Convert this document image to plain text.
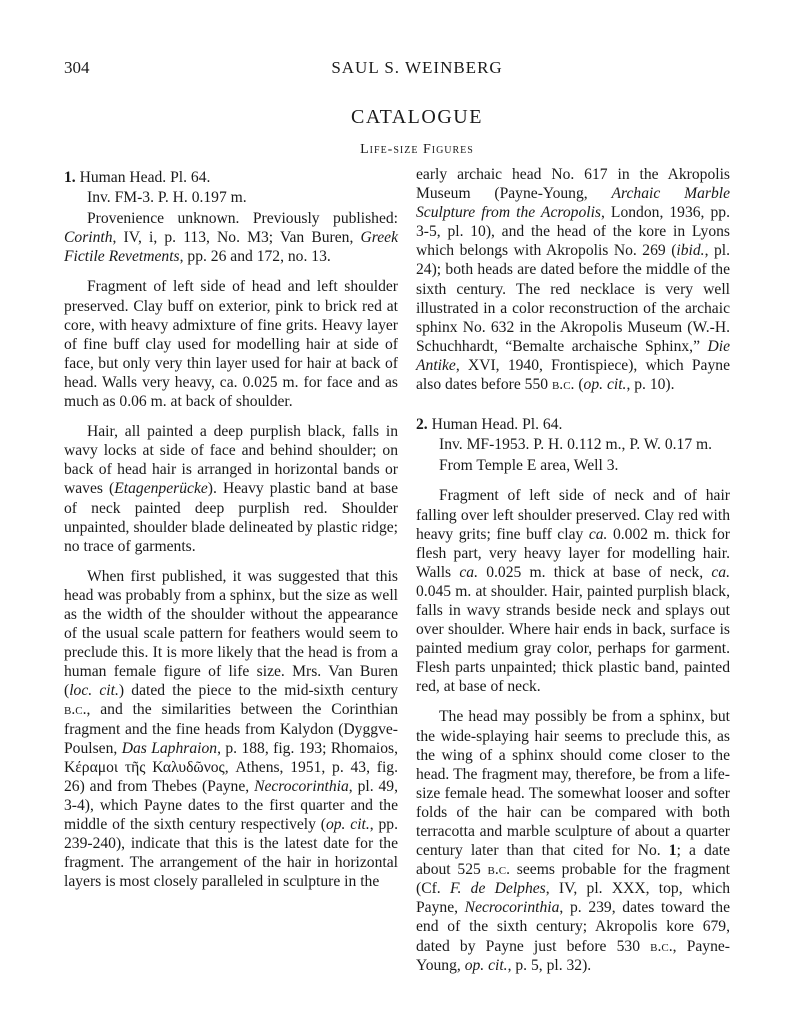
304	SAUL S. WEINBERG
CATALOGUE
Life-size Figures

1. Human Head. Pl. 64.

Inv. FM-3. P. H. 0.197 m.

Provenience unknown. Previously published: Corinth, IV, i, p. 113, No. M3; Van Buren, Greek Fictile Revetments, pp. 26 and 172, no. 13.

Fragment of left side of head and left shoulder preserved. Clay buff on exterior, pink to brick red at core, with heavy admixture of fine grits. Heavy layer of fine buff clay used for modelling hair at side of face, but only very thin layer used for hair at back of head. Walls very heavy, ca. 0.025 m. for face and as much as 0.06 m. at back of shoulder.

Hair, all painted a deep purplish black, falls in wavy locks at side of face and behind shoulder; on back of head hair is arranged in horizontal bands or waves (Etagenperücke). Heavy plastic band at base of neck painted deep purplish red. Shoulder unpainted, shoulder blade delineated by plastic ridge; no trace of garments.

When first published, it was suggested that this head was probably from a sphinx, but the size as well as the width of the shoulder without the appearance of the usual scale pattern for feathers would seem to preclude this. It is more likely that the head is from a human female figure of life size. Mrs. Van Buren (loc. cit.) dated the piece to the mid-sixth century b.c., and the similarities between the Corinthian fragment and the fine heads from Kalydon (Dyggve-Poulsen, Das Laphraion, p. 188, fig. 193; Rhomaios, Κέραμοι τῆς Καλυδῶνος, Athens, 1951, p. 43, fig. 26) and from Thebes (Payne, Necrocorinthia, pl. 49, 3-4), which Payne dates to the first quarter and the middle of the sixth century respectively (op. cit., pp. 239-240), indicate that this is the latest date for the fragment. The arrangement of the hair in horizontal layers is most closely paralleled in sculpture in the

early archaic head No. 617 in the Akropolis Museum (Payne-Young, Archaic Marble Sculpture from the Acropolis, London, 1936, pp. 3-5, pl. 10), and the head of the kore in Lyons which belongs with Akropolis No. 269 (ibid., pl. 24); both heads are dated before the middle of the sixth century. The red necklace is very well illustrated in a color reconstruction of the archaic sphinx No. 632 in the Akropolis Museum (W.-H. Schuchhardt, “Bemalte archaische Sphinx,” Die Antike, XVI, 1940, Frontispiece), which Payne also dates before 550 b.c. (op. cit., p. 10).

2. Human Head. Pl. 64.

Inv. MF-1953. P. H. 0.112 m., P. W. 0.17 m.

From Temple E area, Well 3.

Fragment of left side of neck and of hair falling over left shoulder preserved. Clay red with heavy grits; fine buff clay ca. 0.002 m. thick for flesh part, very heavy layer for modelling hair. Walls ca. 0.025 m. thick at base of neck, ca. 0.045 m. at shoulder. Hair, painted purplish black, falls in wavy strands beside neck and splays out over shoulder. Where hair ends in back, surface is painted medium gray color, perhaps for garment. Flesh parts unpainted; thick plastic band, painted red, at base of neck.

The head may possibly be from a sphinx, but the wide-splaying hair seems to preclude this, as the wing of a sphinx should come closer to the head. The fragment may, therefore, be from a life-size female head. The somewhat looser and softer folds of the hair can be compared with both terracotta and marble sculpture of about a quarter century later than that cited for No. 1; a date about 525 b.c. seems probable for the fragment (Cf. F. de Delphes, IV, pl. XXX, top, which Payne, Necrocorinthia, p. 239, dates toward the end of the sixth century; Akropolis kore 679, dated by Payne just before 530 b.c., Payne-Young, op. cit., p. 5, pl. 32).
